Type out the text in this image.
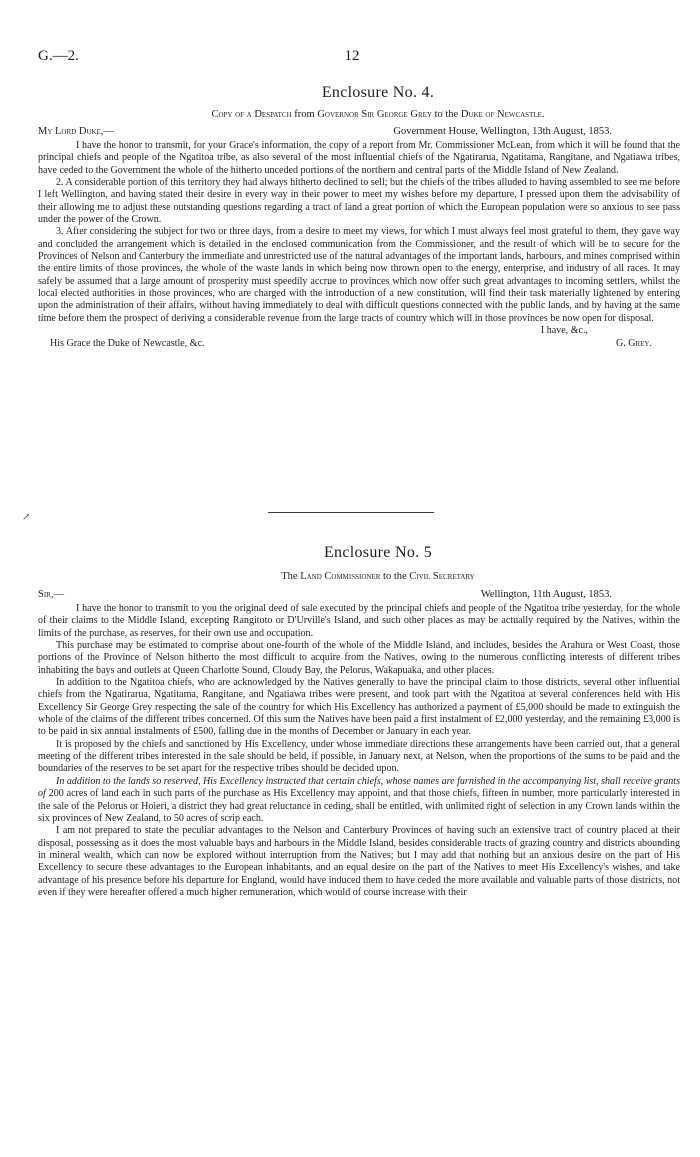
G.—2.	12
Enclosure No. 4.
Copy of a Despatch from Governor Sir George Grey to the Duke of Newcastle.
My Lord Duke,—	Government House, Wellington, 13th August, 1853.

I have the honor to transmit, for your Grace's information, the copy of a report from Mr. Commissioner McLean, from which it will be found that the principal chiefs and people of the Ngatitoa tribe, as also several of the most influential chiefs of the Ngatirarua, Ngatitama, Rangitane, and Ngatiawa tribes, have ceded to the Government the whole of the hitherto unceded portions of the northern and central parts of the Middle Island of New Zealand.

2. A considerable portion of this territory they had always hitherto declined to sell; but the chiefs of the tribes alluded to having assembled to see me before I left Wellington, and having stated their desire in every way in their power to meet my wishes before my departure, I pressed upon them the advisability of their allowing me to adjust these outstanding questions regarding a tract of land a great portion of which the European population were so anxious to see pass under the power of the Crown.

3. After considering the subject for two or three days, from a desire to meet my views, for which I must always feel most grateful to them, they gave way and concluded the arrangement which is detailed in the enclosed communication from the Commissioner, and the result of which will be to secure for the Provinces of Nelson and Canterbury the immediate and unrestricted use of the natural advantages of the important lands, harbours, and mines comprised within the entire limits of those provinces, the whole of the waste lands in which being now thrown open to the energy, enterprise, and industry of all races. It may safely be assumed that a large amount of prosperity must speedily accrue to provinces which now offer such great advantages to incoming settlers, whilst the local elected authorities in those provinces, who are charged with the introduction of a new constitution, will find their task materially lightened by entering upon the administration of their affairs, without having immediately to deal with difficult questions connected with the public lands, and by having at the same time before them the prospect of deriving a considerable revenue from the large tracts of country which will in those provinces be now open for disposal.

I have, &c.,
His Grace the Duke of Newcastle, &c.	G. Grey.
↗
Enclosure No. 5
The Land Commissioner to the Civil Secretary
Sir,—	Wellington, 11th August, 1853.

I have the honor to transmit to you the original deed of sale executed by the principal chiefs and people of the Ngatitoa tribe yesterday, for the whole of their claims to the Middle Island, excepting Rangitoto or D'Urville's Island, and such other places as may be actually required by the Natives, within the limits of the purchase, as reserves, for their own use and occupation.

This purchase may be estimated to comprise about one-fourth of the whole of the Middle Island, and includes, besides the Arahura or West Coast, those portions of the Province of Nelson hitherto the most difficult to acquire from the Natives, owing to the numerous conflicting interests of different tribes inhabiting the bays and outlets at Queen Charlotte Sound, Cloudy Bay, the Pelorus, Wakapuaka, and other places.

In addition to the Ngatitoa chiefs, who are acknowledged by the Natives generally to have the principal claim to those districts, several other influential chiefs from the Ngatirarua, Ngatitama, Rangitane, and Ngatiawa tribes were present, and took part with the Ngatitoa at several conferences held with His Excellency Sir George Grey respecting the sale of the country for which His Excellency has authorized a payment of £5,000 should be made to extinguish the whole of the claims of the different tribes concerned. Of this sum the Natives have been paid a first instalment of £2,000 yesterday, and the remaining £3,000 is to be paid in six annual instalments of £500, falling due in the months of December or January in each year.

It is proposed by the chiefs and sanctioned by His Excellency, under whose immediate directions these arrangements have been carried out, that a general meeting of the different tribes interested in the sale should be held, if possible, in January next, at Nelson, when the proportions of the sums to be paid and the boundaries of the reserves to be set apart for the respective tribes should be decided upon.

In addition to the lands so reserved, His Excellency instructed that certain chiefs, whose names are furnished in the accompanying list, shall receive grants of 200 acres of land each in such parts of the purchase as His Excellency may appoint, and that those chiefs, fifteen in number, more particularly interested in the sale of the Pelorus or Hoieri, a district they had great reluctance in ceding, shall be entitled, with unlimited right of selection in any Crown lands within the six provinces of New Zealand, to 50 acres of scrip each.

I am not prepared to state the peculiar advantages to the Nelson and Canterbury Provinces of having such an extensive tract of country placed at their disposal, possessing as it does the most valuable bays and harbours in the Middle Island, besides considerable tracts of grazing country and districts abounding in mineral wealth, which can now be explored without interruption from the Natives; but I may add that nothing but an anxious desire on the part of His Excellency to secure these advantages to the European inhabitants, and an equal desire on the part of the Natives to meet His Excellency's wishes, and take advantage of his presence before his departure for England, would have induced them to have ceded the more available and valuable parts of those districts, not even if they were hereafter offered a much higher remuneration, which would of course increase with their
